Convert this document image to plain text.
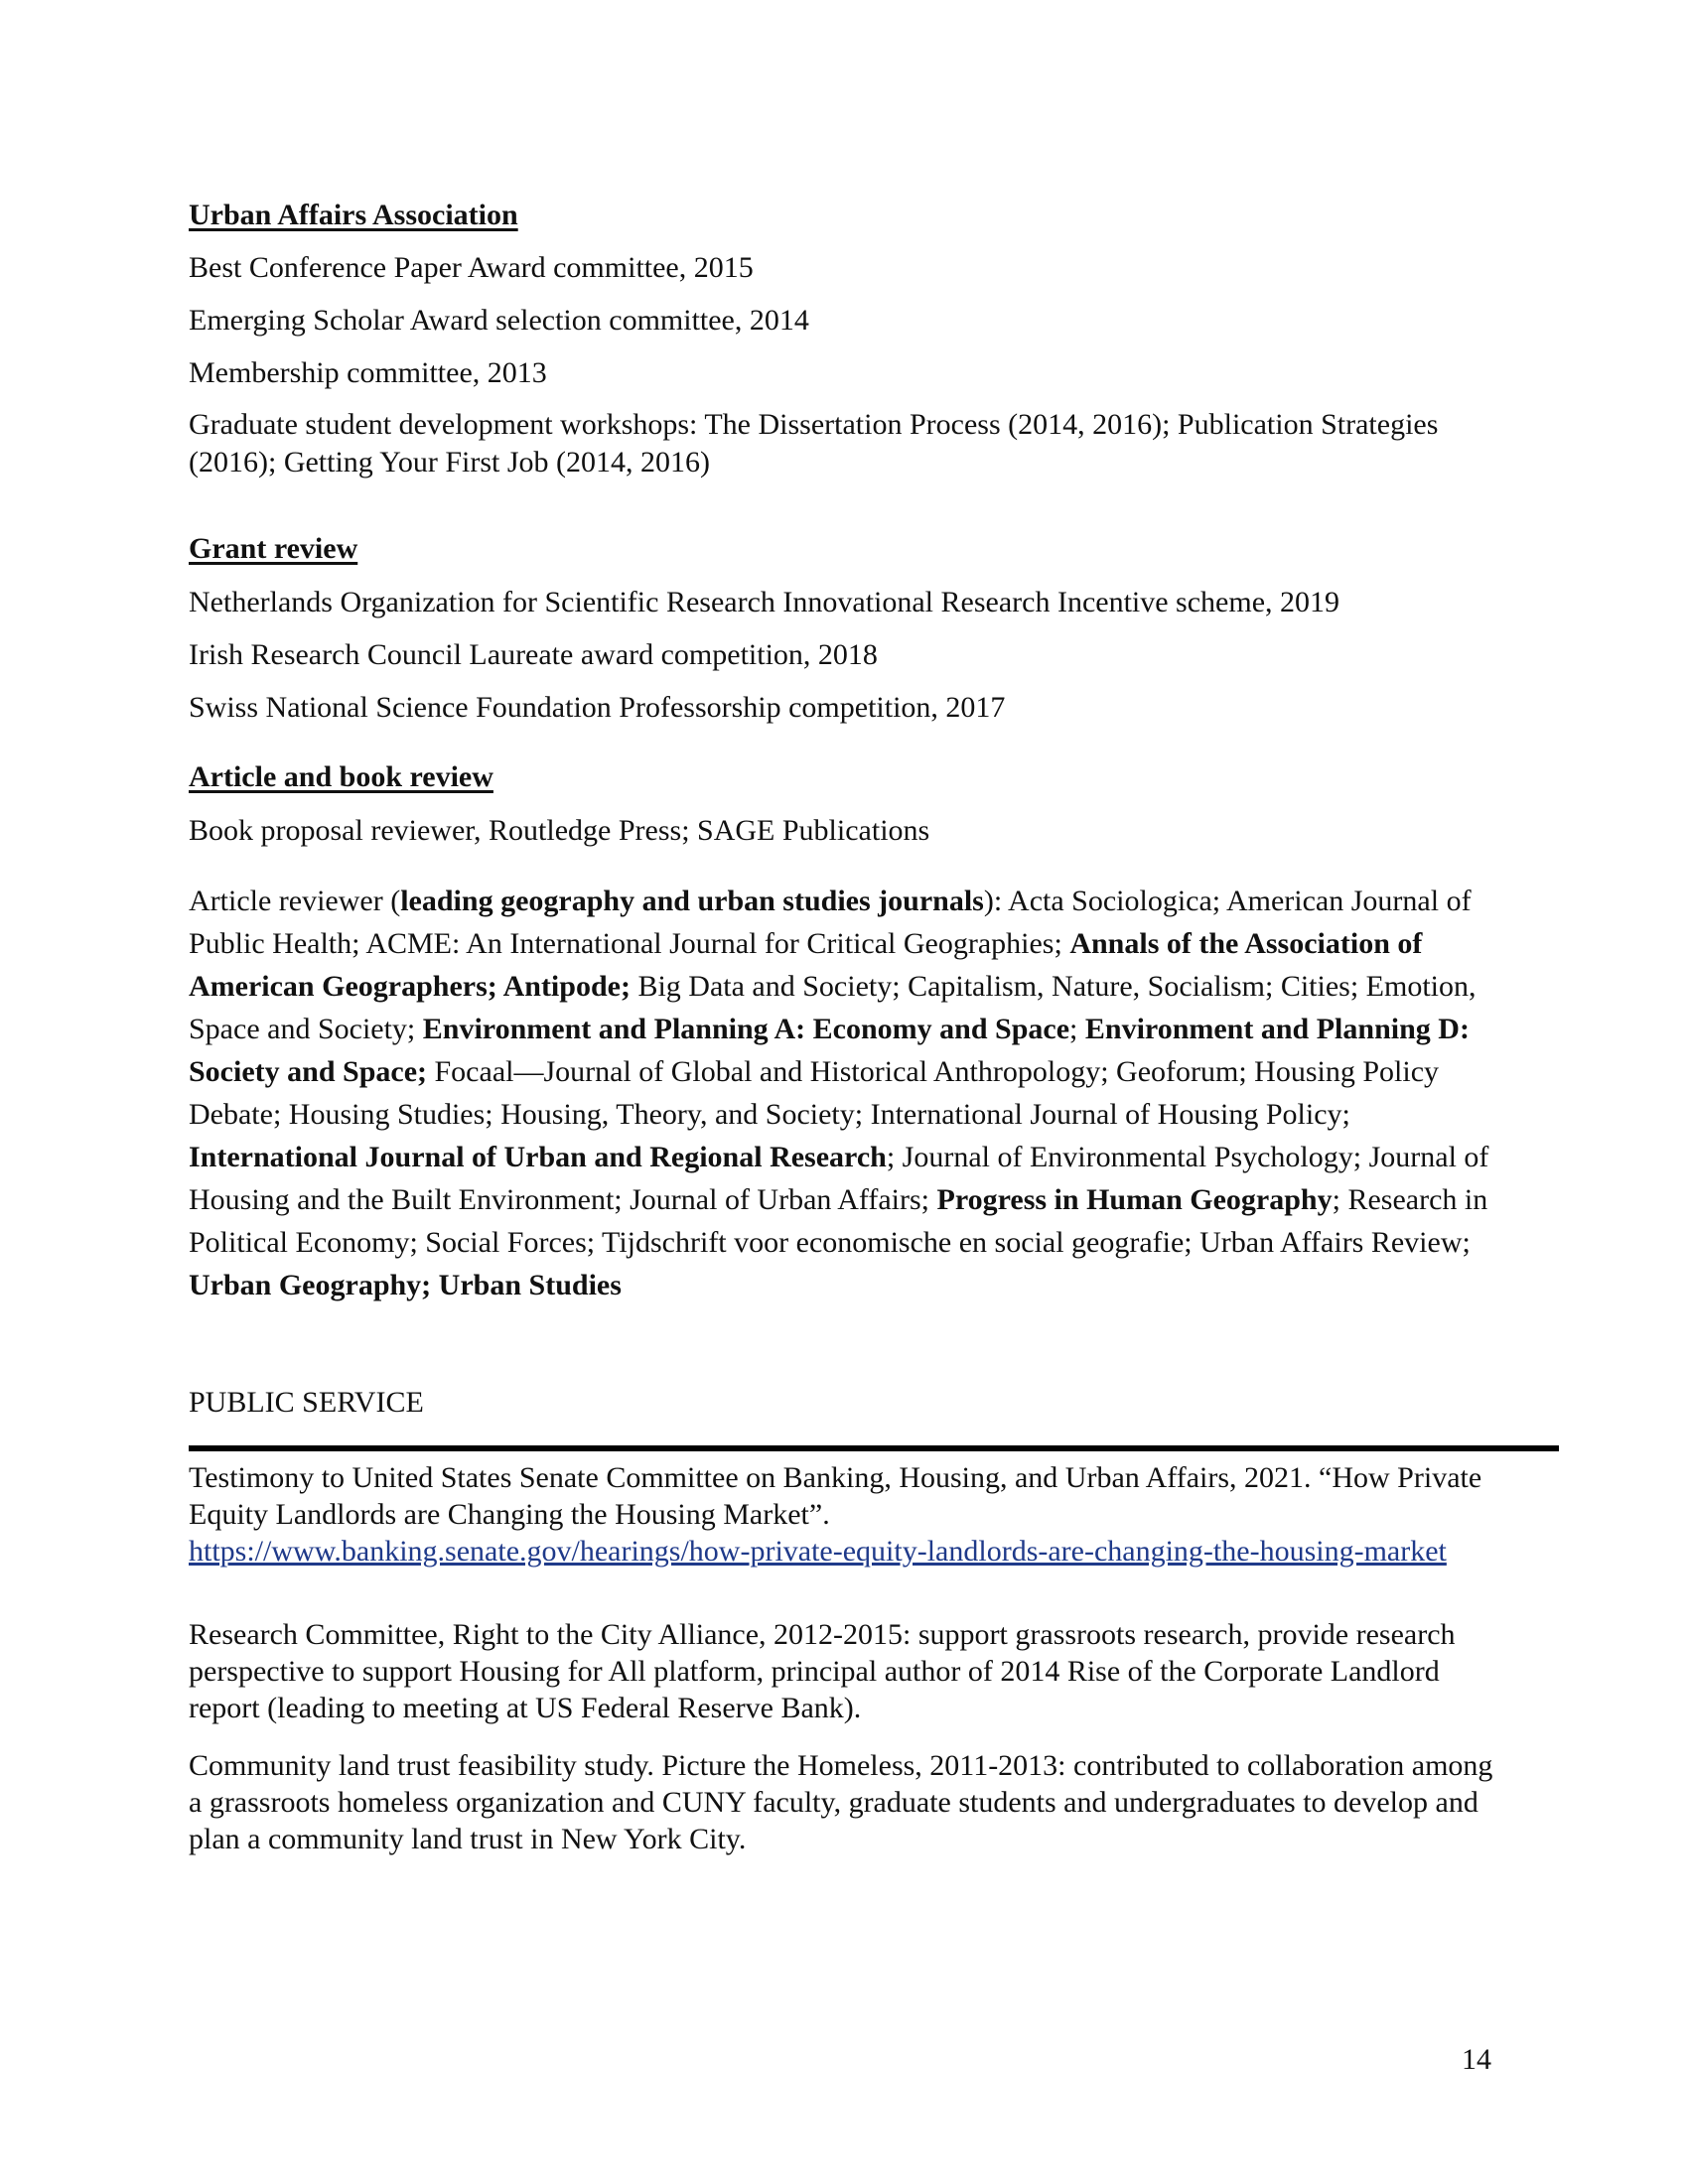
Urban Affairs Association

Best Conference Paper Award committee, 2015

Emerging Scholar Award selection committee, 2014

Membership committee, 2013

Graduate student development workshops: The Dissertation Process (2014, 2016); Publication Strategies (2016); Getting Your First Job (2014, 2016)

Grant review

Netherlands Organization for Scientific Research Innovational Research Incentive scheme, 2019

Irish Research Council Laureate award competition, 2018

Swiss National Science Foundation Professorship competition, 2017

Article and book review

Book proposal reviewer, Routledge Press; SAGE Publications

Article reviewer (leading geography and urban studies journals): Acta Sociologica; American Journal of Public Health; ACME: An International Journal for Critical Geographies; Annals of the Association of American Geographers; Antipode; Big Data and Society; Capitalism, Nature, Socialism; Cities; Emotion, Space and Society; Environment and Planning A: Economy and Space; Environment and Planning D: Society and Space; Focaal—Journal of Global and Historical Anthropology; Geoforum; Housing Policy Debate; Housing Studies; Housing, Theory, and Society; International Journal of Housing Policy; International Journal of Urban and Regional Research; Journal of Environmental Psychology; Journal of Housing and the Built Environment; Journal of Urban Affairs; Progress in Human Geography; Research in Political Economy; Social Forces; Tijdschrift voor economische en social geografie; Urban Affairs Review; Urban Geography; Urban Studies

PUBLIC SERVICE

Testimony to United States Senate Committee on Banking, Housing, and Urban Affairs, 2021. “How Private Equity Landlords are Changing the Housing Market”.
https://www.banking.senate.gov/hearings/how-private-equity-landlords-are-changing-the-housing-market

Research Committee, Right to the City Alliance, 2012-2015: support grassroots research, provide research perspective to support Housing for All platform, principal author of 2014 Rise of the Corporate Landlord report (leading to meeting at US Federal Reserve Bank).

Community land trust feasibility study. Picture the Homeless, 2011-2013: contributed to collaboration among a grassroots homeless organization and CUNY faculty, graduate students and undergraduates to develop and plan a community land trust in New York City.

14
